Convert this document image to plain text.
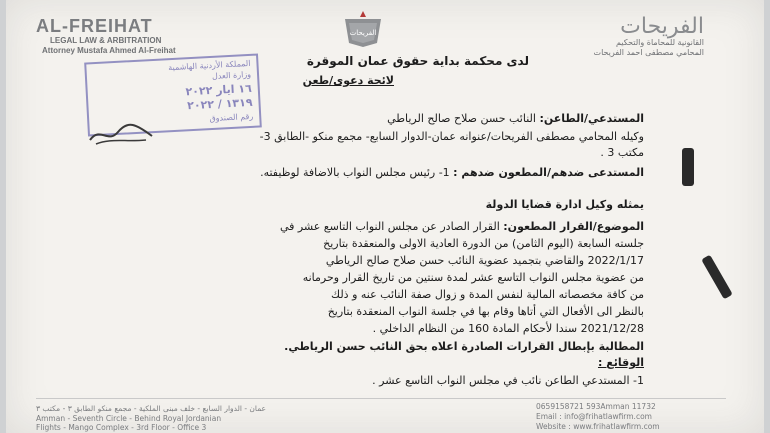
AL-FREIHAT
LEGAL LAW & ARBITRATION
Attorney Mustafa Ahmed Al-Freihat
الفريحات	الفريحات
القانونية للمحاماة والتحكيم
المحامي مصطفى احمد الفريحات
المملكة الأردنية الهاشمية
وزارة العدل
١٦ ايار ٢٠٢٢
١٣١٩ / ٢٠٢٢
رقم الصندوق
لدى محكمة بداية حقوق عمان الموقرة
لائحة دعوى/طعن
المستدعي/الطاعن: النائب حسن صلاح صالح الرياطي
وكيله المحامي مصطفى الفريحات/عنوانه عمان-الدوار السابع- مجمع منكو -الطابق 3-
مكتب 3 .
المستدعى ضدهم/المطعون ضدهم : 1- رئيس مجلس النواب بالاضافة لوظيفته.
يمثله وكيل ادارة قضايا الدولة
الموضوع/القرار المطعون: القرار الصادر عن مجلس النواب التاسع عشر في
جلسته السابعة (اليوم الثامن) من الدورة العادية الاولى والمنعقدة بتاريخ
2022/1/17 والقاضي بتجميد عضوية النائب حسن صلاح صالح الرياطي
من عضوية مجلس النواب التاسع عشر لمدة سنتين من تاريخ القرار وحرمانه
من كافة مخصصاته المالية لنفس المدة و زوال صفة النائب عنه و ذلك
بالنظر الى الأفعال التي أتاها وقام بها في جلسة النواب المنعقدة بتاريخ
2021/12/28 سندا لأحكام المادة 160 من النظام الداخلي .
المطالبة بإبطال القرارات الصادرة اعلاه بحق النائب حسن الرياطي.
الوقائع :
1- المستدعي الطاعن نائب في مجلس النواب التاسع عشر .
عمان - الدوار السابع - خلف مبنى الملكية - مجمع منكو الطابق ٣ - مكتب ٣
Amman - Seventh Circle - Behind Royal Jordanian
Flights - Mango Complex - 3rd Floor - Office 3
0659158721 593Amman 11732
Email : info@frihatlawfirm.com
Website : www.frihatlawfirm.com
